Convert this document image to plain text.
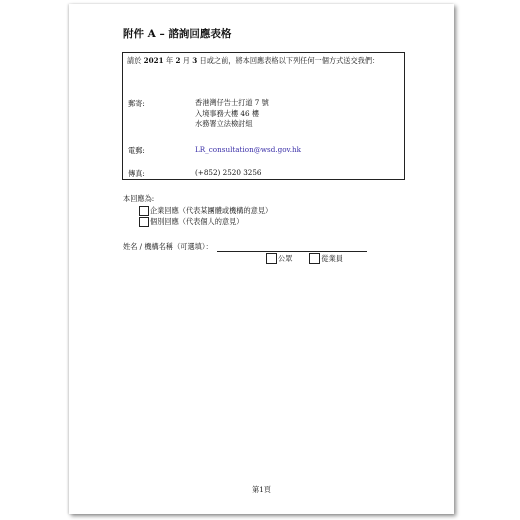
附件 A – 諮詢回應表格
請於 2021 年 2 月 3 日或之前，將本回應表格以下列任何一個方式送交我們：
郵寄:	香港灣仔告士打道 7 號
入境事務大樓 46 樓
水務署立法檢討組
電郵:	LR_consultation@wsd.gov.hk
傳真:	(+852) 2520 3256
本回應為:
企業回應（代表某團體或機構的意見）
個別回應（代表個人的意見）
姓名 / 機構名稱（可選填）：
公眾	從業員
第1頁
